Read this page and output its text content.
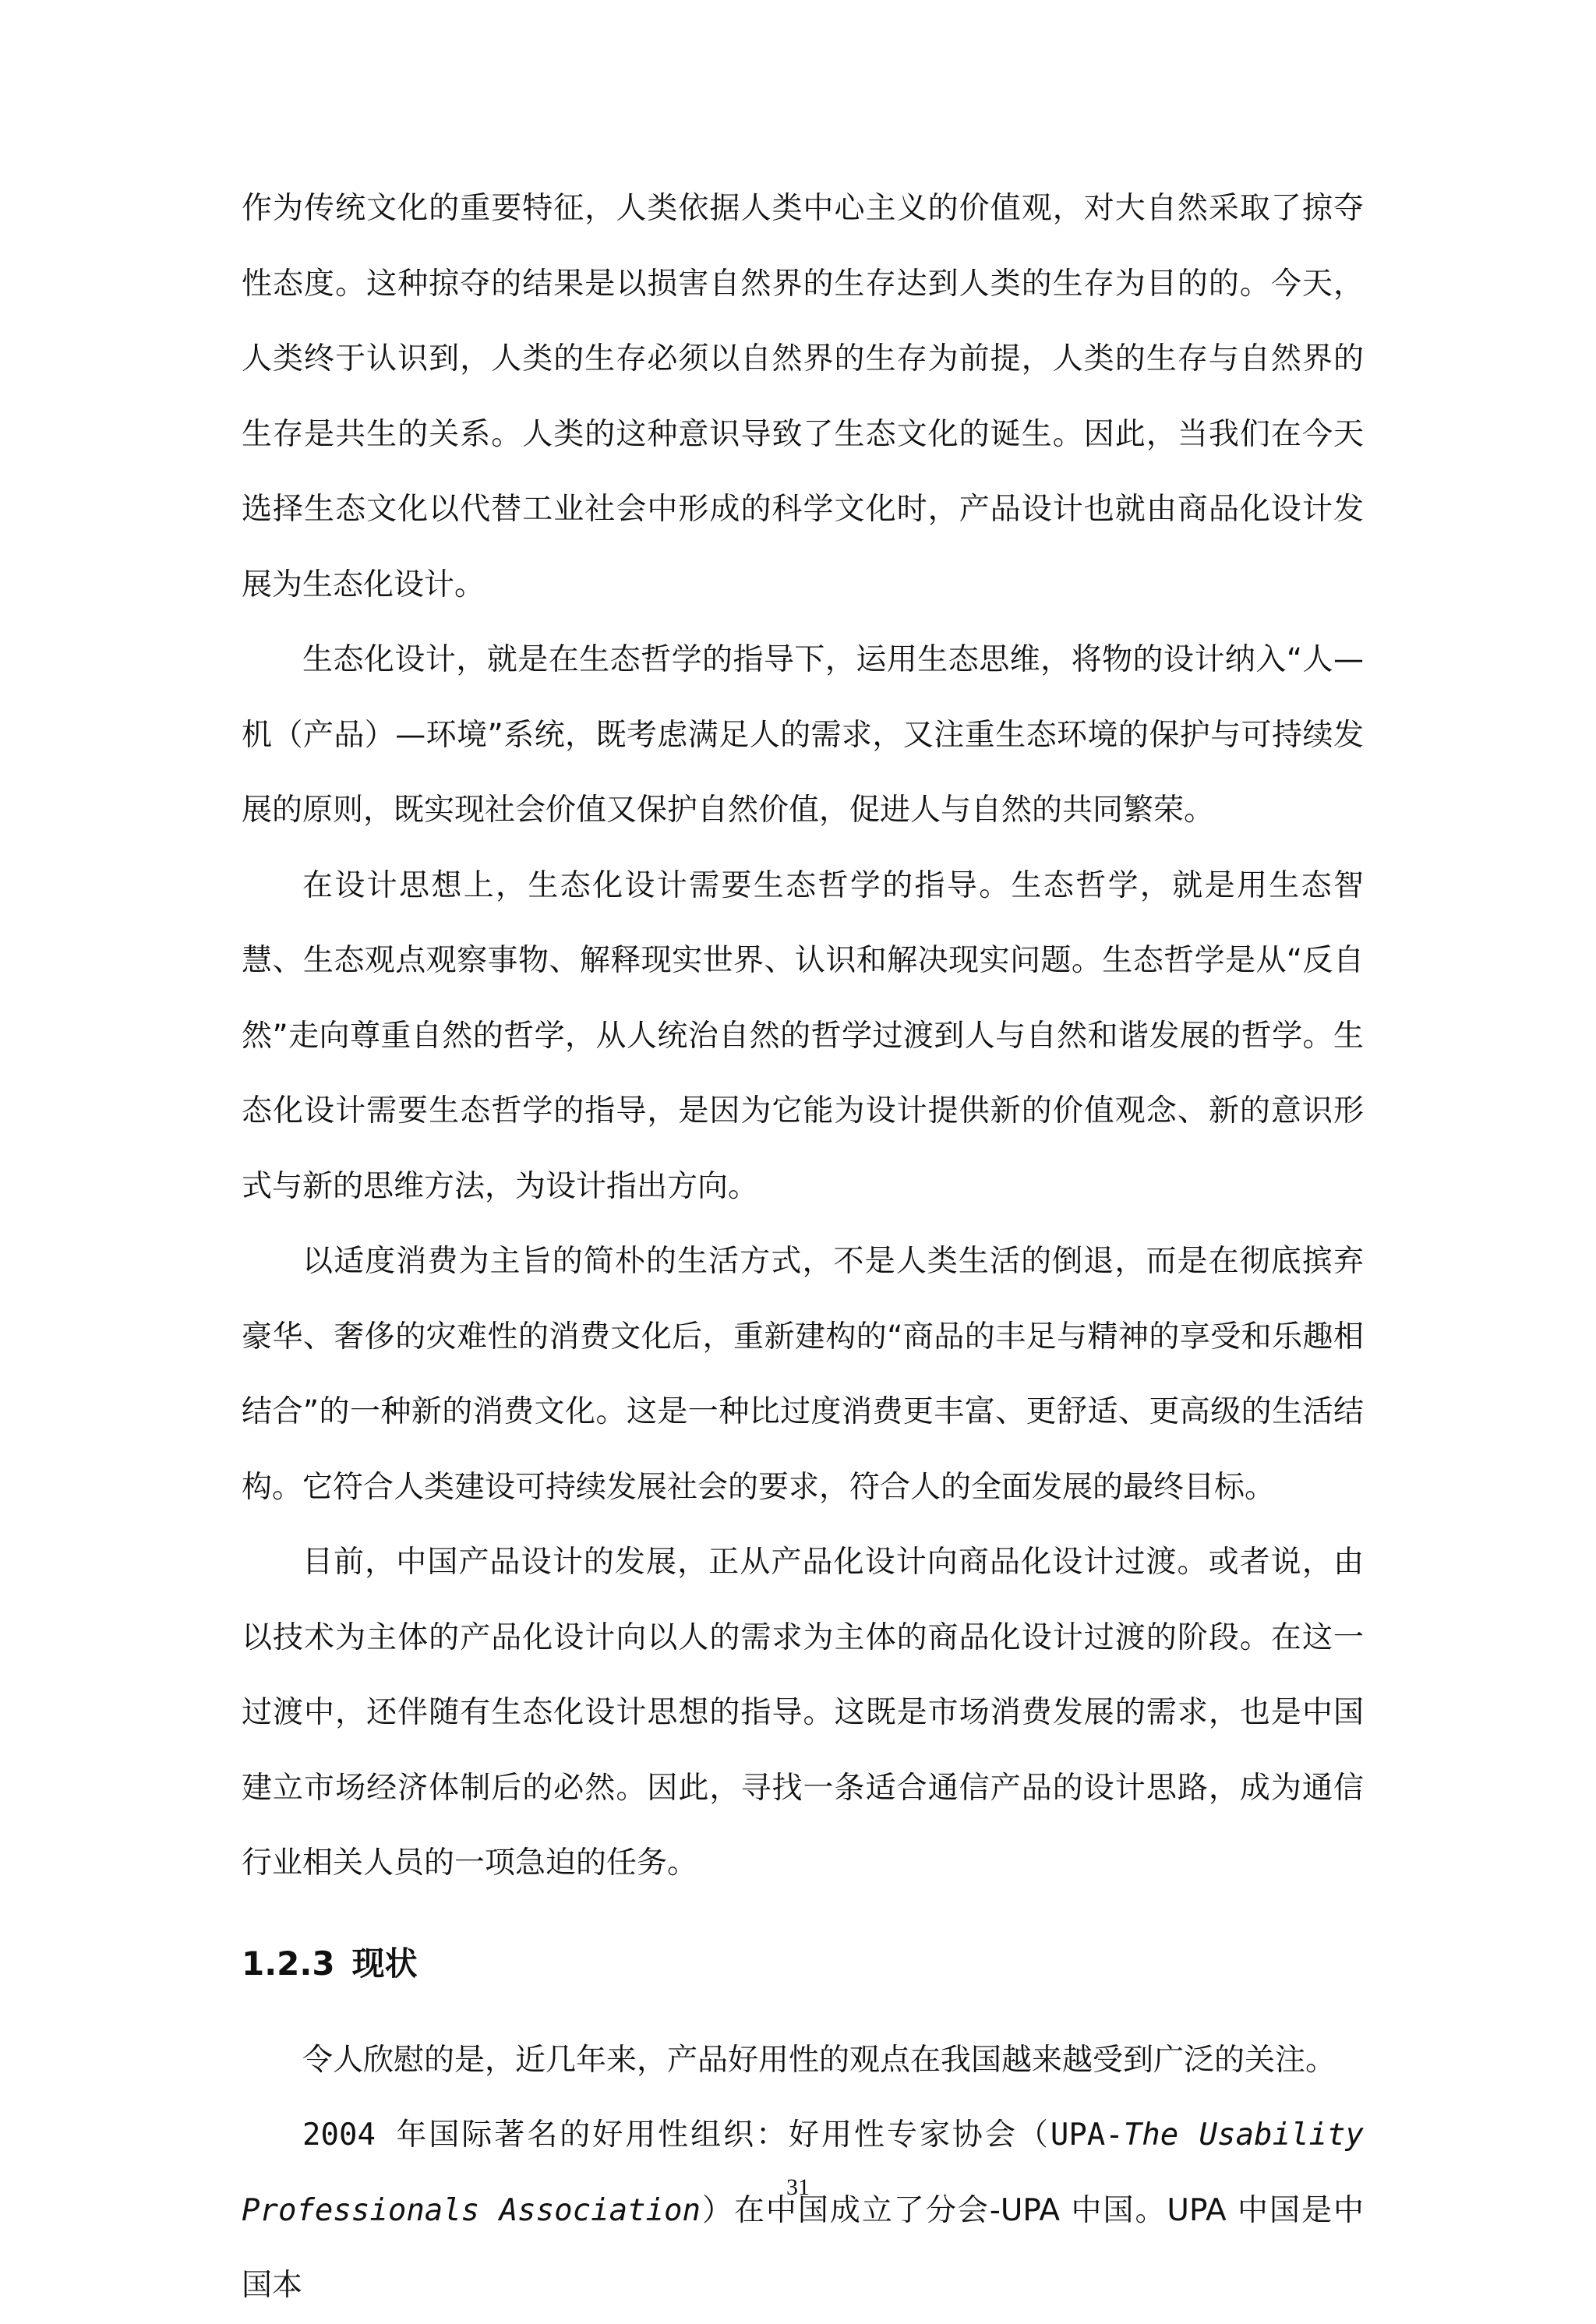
作为传统文化的重要特征，人类依据人类中心主义的价值观，对大自然采取了掠夺性态度。这种掠夺的结果是以损害自然界的生存达到人类的生存为目的的。今天，人类终于认识到，人类的生存必须以自然界的生存为前提，人类的生存与自然界的生存是共生的关系。人类的这种意识导致了生态文化的诞生。因此，当我们在今天选择生态文化以代替工业社会中形成的科学文化时，产品设计也就由商品化设计发展为生态化设计。

生态化设计，就是在生态哲学的指导下，运用生态思维，将物的设计纳入“人—机（产品）—环境”系统，既考虑满足人的需求，又注重生态环境的保护与可持续发展的原则，既实现社会价值又保护自然价值，促进人与自然的共同繁荣。

在设计思想上，生态化设计需要生态哲学的指导。生态哲学，就是用生态智慧、生态观点观察事物、解释现实世界、认识和解决现实问题。生态哲学是从“反自然”走向尊重自然的哲学，从人统治自然的哲学过渡到人与自然和谐发展的哲学。生态化设计需要生态哲学的指导，是因为它能为设计提供新的价值观念、新的意识形式与新的思维方法，为设计指出方向。

以适度消费为主旨的简朴的生活方式，不是人类生活的倒退，而是在彻底摈弃豪华、奢侈的灾难性的消费文化后，重新建构的“商品的丰足与精神的享受和乐趣相结合”的一种新的消费文化。这是一种比过度消费更丰富、更舒适、更高级的生活结构。它符合人类建设可持续发展社会的要求，符合人的全面发展的最终目标。

目前，中国产品设计的发展，正从产品化设计向商品化设计过渡。或者说，由以技术为主体的产品化设计向以人的需求为主体的商品化设计过渡的阶段。在这一过渡中，还伴随有生态化设计思想的指导。这既是市场消费发展的需求，也是中国建立市场经济体制后的必然。因此，寻找一条适合通信产品的设计思路，成为通信行业相关人员的一项急迫的任务。

1.2.3 现状

令人欣慰的是，近几年来，产品好用性的观点在我国越来越受到广泛的关注。

2004 年国际著名的好用性组织：好用性专家协会（UPA-The Usability Professionals Association）在中国成立了分会-UPA 中国。UPA 中国是中国本

31
